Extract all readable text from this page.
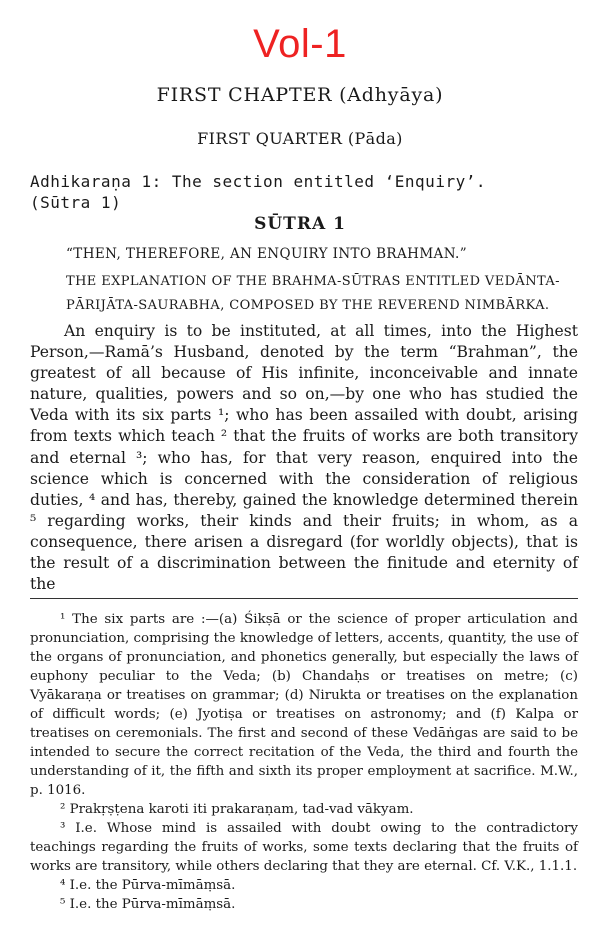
Vol-1
FIRST CHAPTER (Adhyāya)
FIRST QUARTER (Pāda)
Adhikaraṇa 1: The section entitled ‘Enquiry’.
(Sūtra 1)
SŪTRA 1
“THEN, THEREFORE, AN ENQUIRY INTO BRAHMAN.”
THE EXPLANATION OF THE BRAHMA-SŪTRAS ENTITLED VEDĀNTA-
PĀRIJĀTA-SAURABHA, COMPOSED BY THE REVEREND NIMBĀRKA.

An enquiry is to be instituted, at all times, into the Highest Person,—Ramā’s Husband, denoted by the term “Brahman”, the greatest of all because of His infinite, inconceivable and innate nature, qualities, powers and so on,—by one who has studied the Veda with its six parts ¹; who has been assailed with doubt, arising from texts which teach ² that the fruits of works are both transitory and eternal ³; who has, for that very reason, enquired into the science which is concerned with the consideration of religious duties, ⁴ and has, thereby, gained the knowledge determined therein ⁵ regarding works, their kinds and their fruits; in whom, as a consequence, there arisen a disregard (for worldly objects), that is the result of a discrimination between the finitude and eternity of the

¹ The six parts are :—(a) Śikṣā or the science of proper articulation and pronunciation, comprising the knowledge of letters, accents, quantity, the use of the organs of pronunciation, and phonetics generally, but especially the laws of euphony peculiar to the Veda; (b) Chandaḥs or treatises on metre; (c) Vyākaraṇa or treatises on grammar; (d) Nirukta or treatises on the explanation of difficult words; (e) Jyotiṣa or treatises on astronomy; and (f) Kalpa or treatises on ceremonials. The first and second of these Vedāṅgas are said to be intended to secure the correct recitation of the Veda, the third and fourth the understanding of it, the fifth and sixth its proper employment at sacrifice. M.W., p. 1016.

² Prakṛṣṭena karoti iti prakaraṇam, tad-vad vākyam.

³ I.e. Whose mind is assailed with doubt owing to the contradictory teachings regarding the fruits of works, some texts declaring that the fruits of works are transitory, while others declaring that they are eternal. Cf. V.K., 1.1.1.

⁴ I.e. the Pūrva-mīmāṃsā.

⁵ I.e. the Pūrva-mīmāṃsā.
